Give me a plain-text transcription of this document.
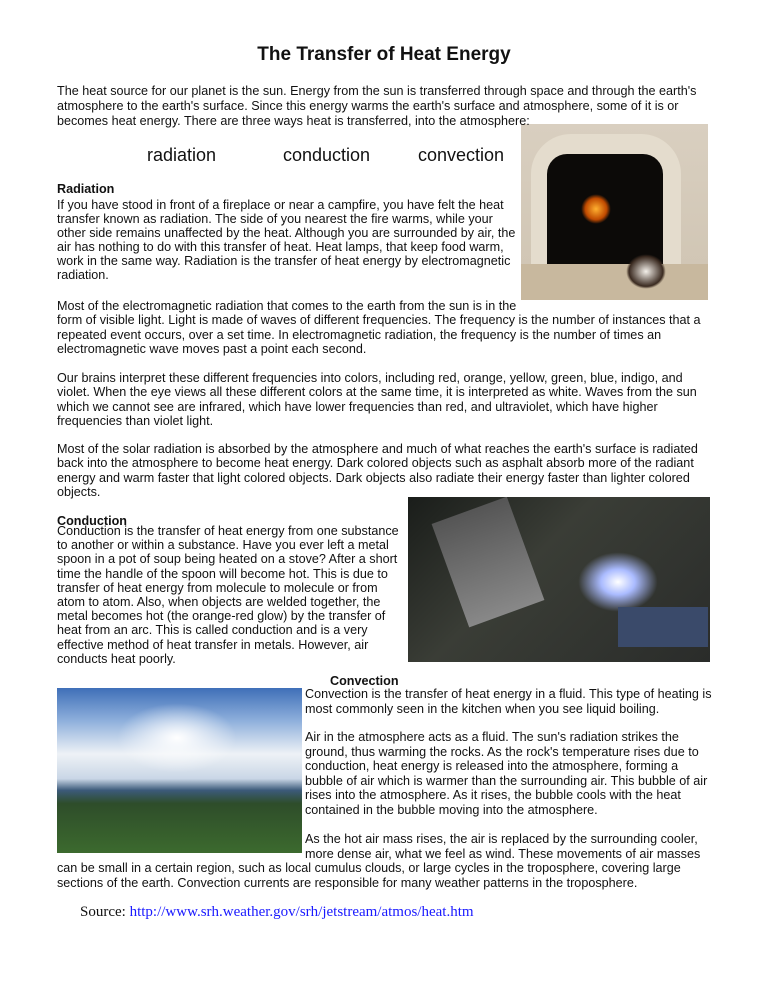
The Transfer of Heat Energy
radiation	conduction	convection
Radiation
Conduction
Convection
Source: http://www.srh.weather.gov/srh/jetstream/atmos/heat.htm
The heat source for our planet is the sun. Energy from the sun is transferred through space and through the earth's
atmosphere to the earth's surface. Since this energy warms the earth's surface and atmosphere, some of it is or
becomes heat energy. There are three ways heat is transferred, into the atmosphere:
If you have stood in front of a fireplace or near a campfire, you have felt the heat
transfer known as radiation. The side of you nearest the fire warms, while your
other side remains unaffected by the heat. Although you are surrounded by air, the
air has nothing to do with this transfer of heat. Heat lamps, that keep food warm,
work in the same way. Radiation is the transfer of heat energy by electromagnetic
radiation.
Most of the electromagnetic radiation that comes to the earth from the sun is in the
form of visible light. Light is made of waves of different frequencies. The frequency is the number of instances that a
repeated event occurs, over a set time. In electromagnetic radiation, the frequency is the number of times an
electromagnetic wave moves past a point each second.
Our brains interpret these different frequencies into colors, including red, orange, yellow, green, blue, indigo, and
violet. When the eye views all these different colors at the same time, it is interpreted as white. Waves from the sun
which we cannot see are infrared, which have lower frequencies than red, and ultraviolet, which have higher
frequencies than violet light.
Most of the solar radiation is absorbed by the atmosphere and much of what reaches the earth's surface is radiated
back into the atmosphere to become heat energy. Dark colored objects such as asphalt absorb more of the radiant
energy and warm faster that light colored objects. Dark objects also radiate their energy faster than lighter colored
objects.
Conduction is the transfer of heat energy from one substance
to another or within a substance. Have you ever left a metal
spoon in a pot of soup being heated on a stove? After a short
time the handle of the spoon will become hot. This is due to
transfer of heat energy from molecule to molecule or from
atom to atom. Also, when objects are welded together, the
metal becomes hot (the orange-red glow) by the transfer of
heat from an arc. This is called conduction and is a very
effective method of heat transfer in metals. However, air
conducts heat poorly.
Convection is the transfer of heat energy in a fluid. This type of heating is
most commonly seen in the kitchen when you see liquid boiling.
Air in the atmosphere acts as a fluid. The sun's radiation strikes the
ground, thus warming the rocks. As the rock's temperature rises due to
conduction, heat energy is released into the atmosphere, forming a
bubble of air which is warmer than the surrounding air. This bubble of air
rises into the atmosphere. As it rises, the bubble cools with the heat
contained in the bubble moving into the atmosphere.
As the hot air mass rises, the air is replaced by the surrounding cooler,
more dense air, what we feel as wind. These movements of air masses
can be small in a certain region, such as local cumulus clouds, or large cycles in the troposphere, covering large
sections of the earth. Convection currents are responsible for many weather patterns in the troposphere.
